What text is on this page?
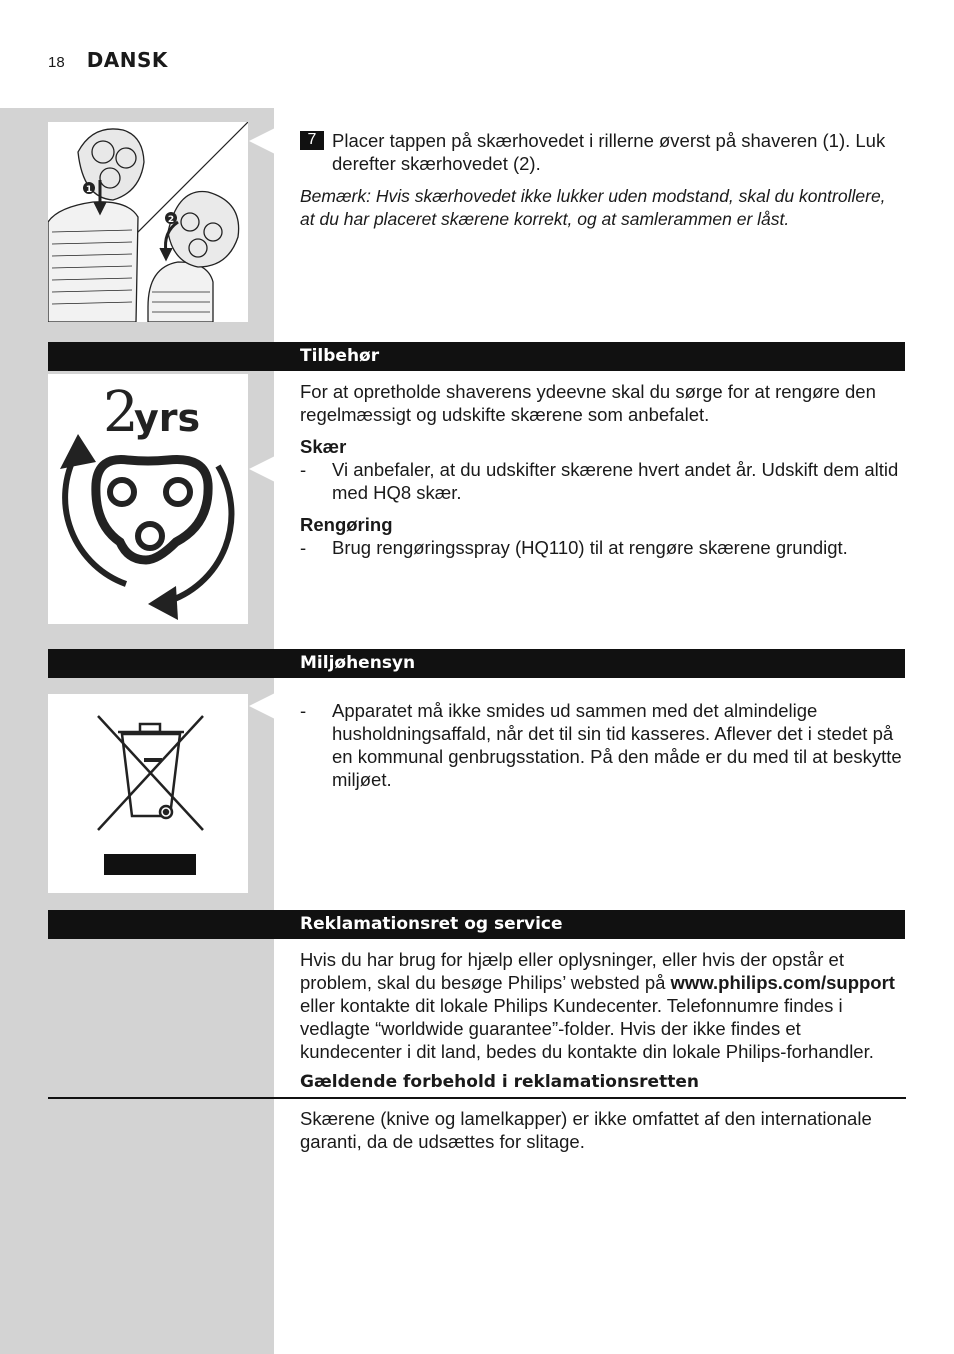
18 DANSK
1
2
7 Placer tappen på skærhovedet i rillerne øverst på shaveren (1). Luk derefter skærhovedet (2).
Bemærk: Hvis skærhovedet ikke lukker uden modstand, skal du kontrollere, at du har placeret skærene korrekt, og at samlerammen er låst.
Tilbehør
2
yrs
For at opretholde shaverens ydeevne skal du sørge for at rengøre den regelmæssigt og udskifte skærene som anbefalet.
Skær
- Vi anbefaler, at du udskifter skærene hvert andet år. Udskift dem altid med HQ8 skær.
Rengøring
- Brug rengøringsspray (HQ110) til at rengøre skærene grundigt.
Miljøhensyn
- Apparatet må ikke smides ud sammen med det almindelige husholdningsaffald, når det til sin tid kasseres. Aflever det i stedet på en kommunal genbrugsstation. På den måde er du med til at beskytte miljøet.
Reklamationsret og service
Hvis du har brug for hjælp eller oplysninger, eller hvis der opstår et problem, skal du besøge Philips’ websted på www.philips.com/support eller kontakte dit lokale Philips Kundecenter. Telefonnumre findes i vedlagte “worldwide guarantee”-folder. Hvis der ikke findes et kundecenter i dit land, bedes du kontakte din lokale Philips-forhandler.
Gældende forbehold i reklamationsretten
Skærene (knive og lamelkapper) er ikke omfattet af den internationale garanti, da de udsættes for slitage.
